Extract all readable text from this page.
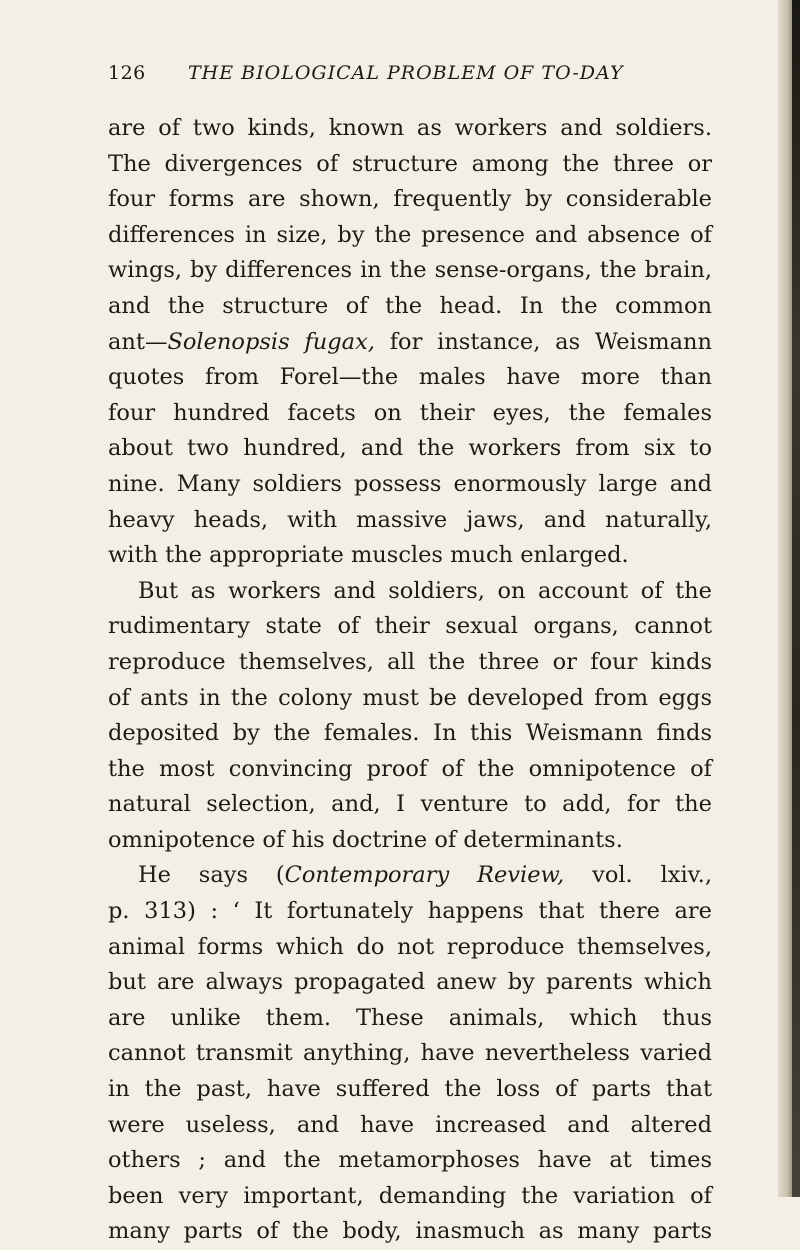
126 THE BIOLOGICAL PROBLEM OF TO-DAY
are of two kinds, known as workers and soldiers.
The divergences of structure among the three or
four forms are shown, frequently by considerable
differences in size, by the presence and absence of
wings, by differences in the sense-organs, the brain,
and the structure of the head. In the common
ant—Solenopsis fugax, for instance, as Weismann
quotes from Forel—the males have more than
four hundred facets on their eyes, the females
about two hundred, and the workers from six to
nine. Many soldiers possess enormously large and
heavy heads, with massive jaws, and naturally,
with the appropriate muscles much enlarged.
But as workers and soldiers, on account of the
rudimentary state of their sexual organs, cannot
reproduce themselves, all the three or four kinds
of ants in the colony must be developed from eggs
deposited by the females. In this Weismann finds
the most convincing proof of the omnipotence of
natural selection, and, I venture to add, for the
omnipotence of his doctrine of determinants.
He says (Contemporary Review, vol. lxiv.,
p. 313) : ‘ It fortunately happens that there are
animal forms which do not reproduce themselves,
but are always propagated anew by parents which
are unlike them. These animals, which thus
cannot transmit anything, have nevertheless varied
in the past, have suffered the loss of parts that
were useless, and have increased and altered
others ; and the metamorphoses have at times
been very important, demanding the variation of
many parts of the body, inasmuch as many parts
